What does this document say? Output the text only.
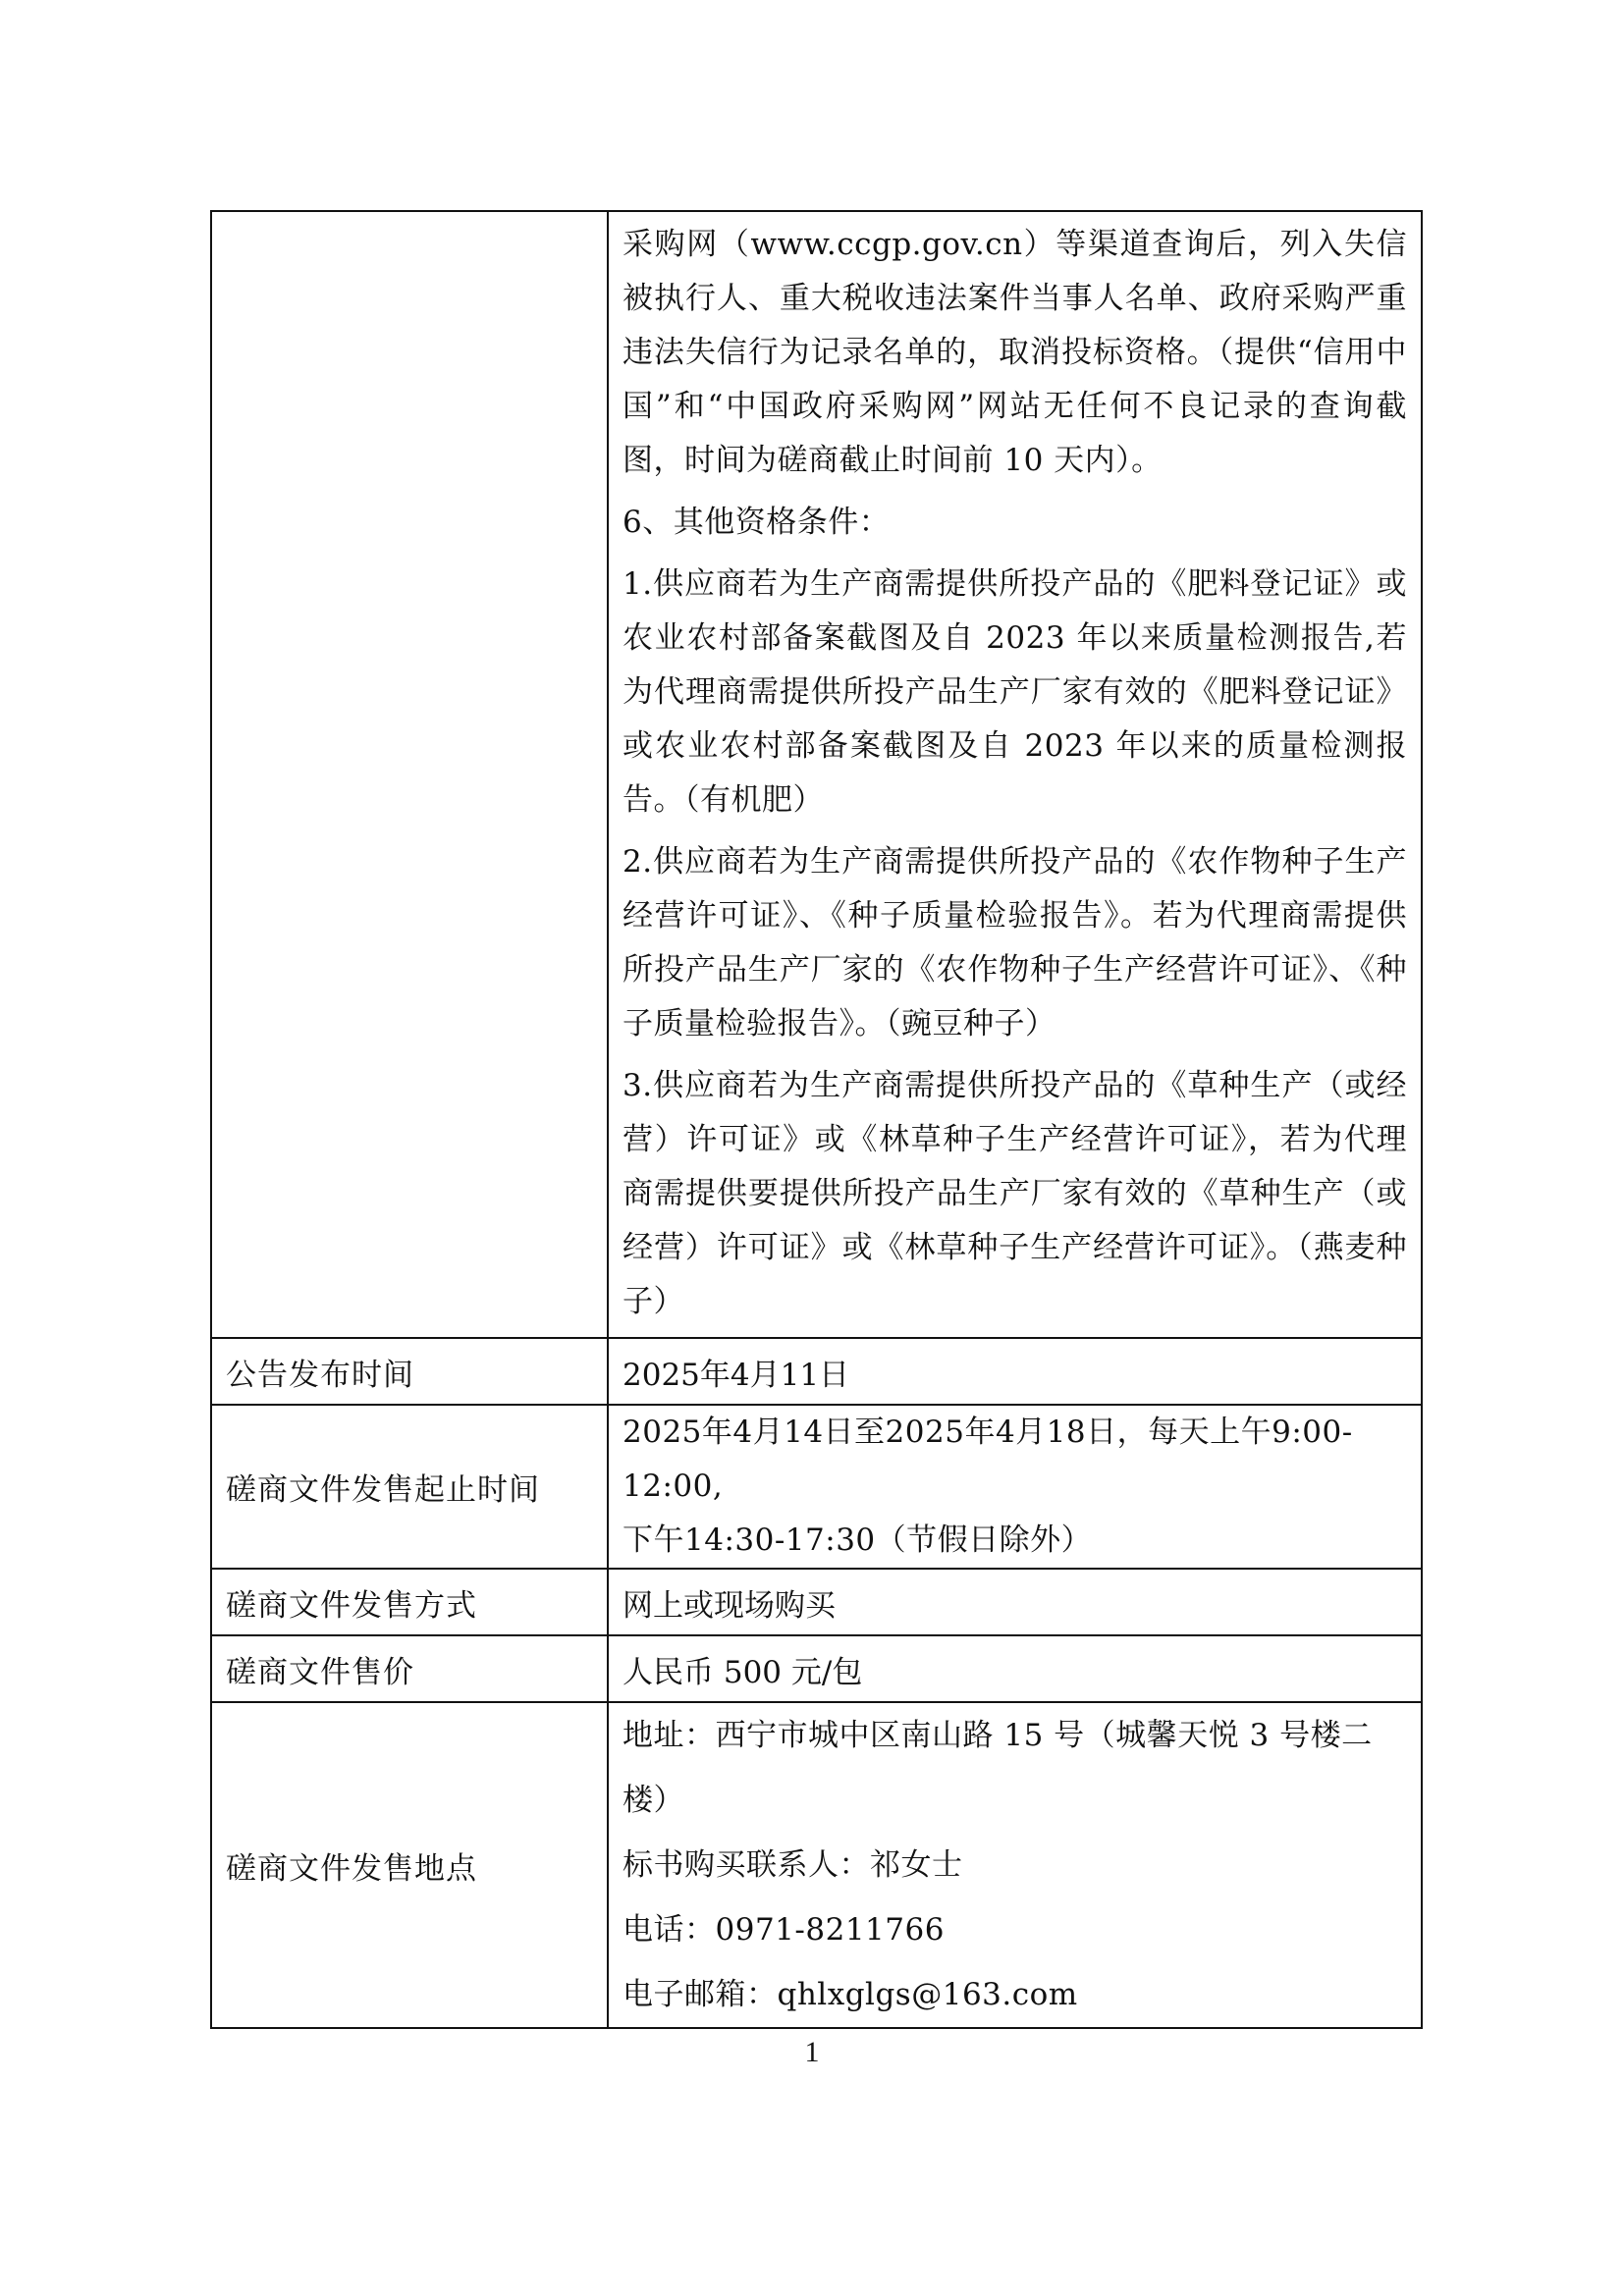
	采购网（www.ccgp.gov.cn）等渠道查询后，列入失信被执行人、重大税收违法案件当事人名单、政府采购严重违法失信行为记录名单的，取消投标资格。（提供“信用中国”和“中国政府采购网”网站无任何不良记录的查询截图，时间为磋商截止时间前 10 天内）。

6、其他资格条件：

1.供应商若为生产商需提供所投产品的《肥料登记证》或农业农村部备案截图及自 2023 年以来质量检测报告,若为代理商需提供所投产品生产厂家有效的《肥料登记证》或农业农村部备案截图及自 2023 年以来的质量检测报告。（有机肥）

2.供应商若为生产商需提供所投产品的《农作物种子生产经营许可证》、《种子质量检验报告》。若为代理商需提供所投产品生产厂家的《农作物种子生产经营许可证》、《种子质量检验报告》。（豌豆种子）

3.供应商若为生产商需提供所投产品的《草种生产（或经营）许可证》或《林草种子生产经营许可证》，若为代理商需提供要提供所投产品生产厂家有效的《草种生产（或经营）许可证》或《林草种子生产经营许可证》。（燕麦种子）

公告发布时间	2025年4月11日
磋商文件发售起止时间	2025年4月14日至2025年4月18日，每天上午9:00-12:00,

下午14:30-17:30（节假日除外）

磋商文件发售方式	网上或现场购买
磋商文件售价	人民币 500 元/包
磋商文件发售地点	地址：西宁市城中区南山路 15 号（城馨天悦 3 号楼二楼）

标书购买联系人：祁女士

电话：0971-8211766

电子邮箱：qhlxglgs@163.com

1
